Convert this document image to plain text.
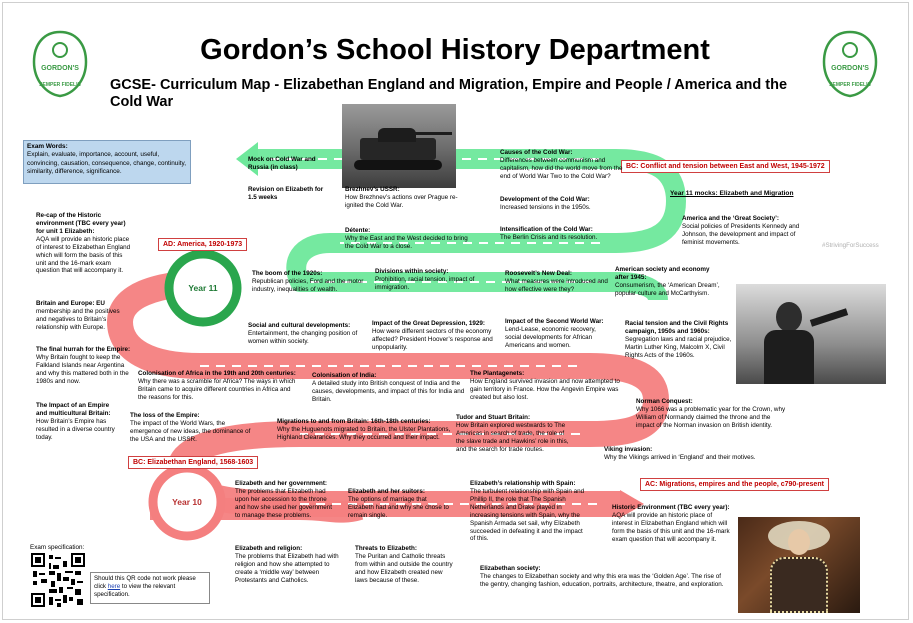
GORDON'S
SEMPER FIDELIS
GORDON'S
SEMPER FIDELIS
Gordon’s School History Department
GCSE- Curriculum Map - Elizabethan England and Migration, Empire and People / America and the Cold War
Exam Words:
Explain, evaluate, importance, account, useful, convincing, causation, consequence, change, continuity, similarity, difference, significance.
Re-cap of the Historic environment (TBC every year) for unit 1 Elizabeth:
AQA will provide an historic place of interest to Elizabethan England which will form the basis of this unit and the 16-mark exam question that will accompany it.
Britain and Europe: EU
membership and the positives and negatives to Britain’s relationship with Europe.
The final hurrah for the Empire:
Why Britain fought to keep the Falkland Islands near Argentina and why this mattered both in the 1980s and now.
The Impact of an Empire and multicultural Britain:
How Britain’s Empire has resulted in a diverse country today.
BC: Conflict and tension between East and West, 1945-1972
AD: America, 1920-1973
BC: Elizabethan England, 1568-1603
AC: Migrations, empires and the people, c790-present
Year 11 mocks: Elizabeth and Migration
#StrivingForSuccess
Year 11
Year 10
Mock on Cold War and Russia (in class)
Revision on Elizabeth for 1.5 weeks
Brezhnev’s USSR:
How Brezhnev’s actions over Prague re-ignited the Cold War.
Détente:
Why the East and the West decided to bring the Cold War to a close.
Causes of the Cold War:
Differences between communism and capitalism, how did the world move from the end of World War Two to the Cold War?
Development of the Cold War:
Increased tensions in the 1950s.
Intensification of the Cold War:
The Berlin Crisis and its resolution.
America and the ‘Great Society’:
Social policies of Presidents Kennedy and Johnson, the development and impact of feminist movements.
The boom of the 1920s:
Republican policies, Ford and the motor industry, inequalities of wealth.
Divisions within society:
Prohibition, racial tension, impact of immigration.
Roosevelt’s New Deal:
What measures were introduced and how effective were they?
American society and economy after 1945:
Consumerism, the ‘American Dream’, popular culture and McCarthyism.
Social and cultural developments:
Entertainment, the changing position of women within society.
Impact of the Great Depression, 1929:
How were different sectors of the economy affected? President Hoover’s response and unpopularity.
Impact of the Second World War:
Lend-Lease, economic recovery, social developments for African Americans and women.
Racial tension and the Civil Rights campaign, 1950s and 1960s:
Segregation laws and racial prejudice, Martin Luther King, Malcolm X, Civil Rights Acts of the 1960s.
Colonisation of Africa in the 19th and 20th centuries:
Why there was a scramble for Africa? The ways in which Britain came to acquire different countries in Africa and the reasons for this.
Colonisation of India:
A detailed study into British conquest of India and the causes, developments, and impact of this for India and Britain.
The Plantagenets:
How England survived invasion and now attempted to gain territory in France. How the Angevin Empire was created but also lost.
Norman Conquest:
Why 1066 was a problematic year for the Crown, why William of Normandy claimed the throne and the impact of the Norman invasion on British identity.
The loss of the Empire:
The impact of the World Wars, the emergence of new ideas, the dominance of the USA and the USSR.
Migrations to and from Britain: 16th-18th centuries:
Why the Huguenots migrated to Britain, the Ulster Plantations, Highland Clearances. Why they occurred and their impact.
Tudor and Stuart Britain:
How Britain explored westwards to The Americas in search of trade, the role of the slave trade and Hawkins’ role in this, and the search for trade routes.	Viking invasion:
Why the Vikings arrived in ‘England’ and their motives.
Elizabeth and her government:
The problems that Elizabeth had upon her accession to the throne and how she used her government to manage these problems.
Elizabeth and her suitors:
The options of marriage that Elizabeth had and why she chose to remain single.
Elizabeth’s relationship with Spain:
The turbulent relationship with Spain and Phillip II, the role that The Spanish Netherlands and Drake played in increasing tensions with Spain, why the Spanish Armada set sail, why Elizabeth succeeded in defeating it and the impact of this.
Historic Environment (TBC every year):
AQA will provide an historic place of interest in Elizabethan England which will form the basis of this unit and the 16-mark exam question that will accompany it.
Elizabeth and religion:
The problems that Elizabeth had with religion and how she attempted to create a ‘middle way’ between Protestants and Catholics.
Threats to Elizabeth:
The Puritan and Catholic threats from within and outside the country and how Elizabeth created new laws because of these.
Elizabethan society:
The changes to Elizabethan society and why this era was the ‘Golden Age’. The rise of the gentry, changing fashion, education, portraits, architecture, theatre, and exploration.
Exam specification:
Should this QR code not work please click here to view the relevant specification.
